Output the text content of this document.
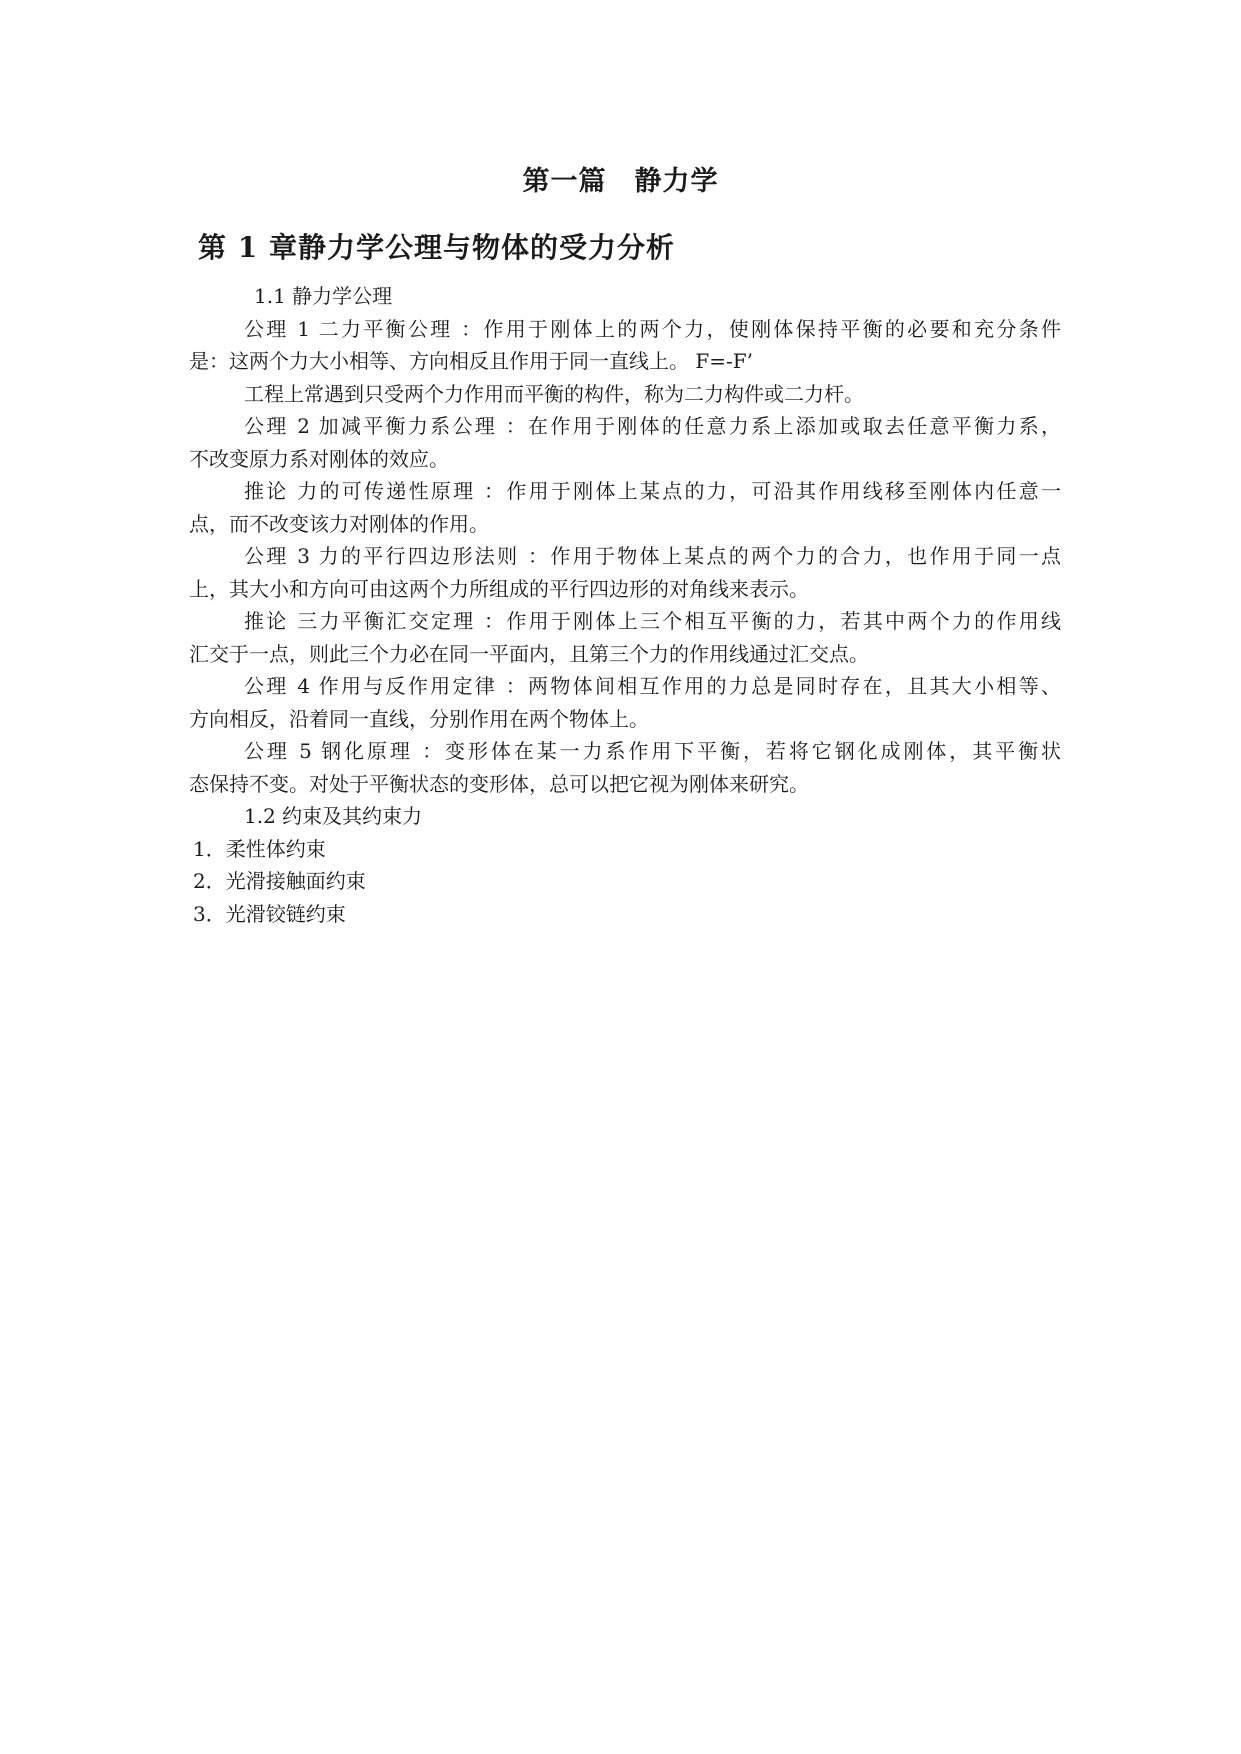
第一篇 静力学
第 1 章静力学公理与物体的受力分析
1.1 静力学公理
公理 1 二力平衡公理 ：作用于刚体上的两个力，使刚体保持平衡的必要和充分条件
是：这两个力大小相等、方向相反且作用于同一直线上。 F=-F’
工程上常遇到只受两个力作用而平衡的构件，称为二力构件或二力杆。
公理 2 加减平衡力系公理 ：在作用于刚体的任意力系上添加或取去任意平衡力系，
不改变原力系对刚体的效应。
推论 力的可传递性原理 ：作用于刚体上某点的力，可沿其作用线移至刚体内任意一
点，而不改变该力对刚体的作用。
公理 3 力的平行四边形法则 ：作用于物体上某点的两个力的合力，也作用于同一点
上，其大小和方向可由这两个力所组成的平行四边形的对角线来表示。
推论 三力平衡汇交定理 ：作用于刚体上三个相互平衡的力，若其中两个力的作用线
汇交于一点，则此三个力必在同一平面内，且第三个力的作用线通过汇交点。
公理 4 作用与反作用定律 ：两物体间相互作用的力总是同时存在，且其大小相等、
方向相反，沿着同一直线，分别作用在两个物体上。
公理 5 钢化原理 ：变形体在某一力系作用下平衡，若将它钢化成刚体，其平衡状
态保持不变。对处于平衡状态的变形体，总可以把它视为刚体来研究。
1.2 约束及其约束力
1．柔性体约束
2．光滑接触面约束
3．光滑铰链约束
